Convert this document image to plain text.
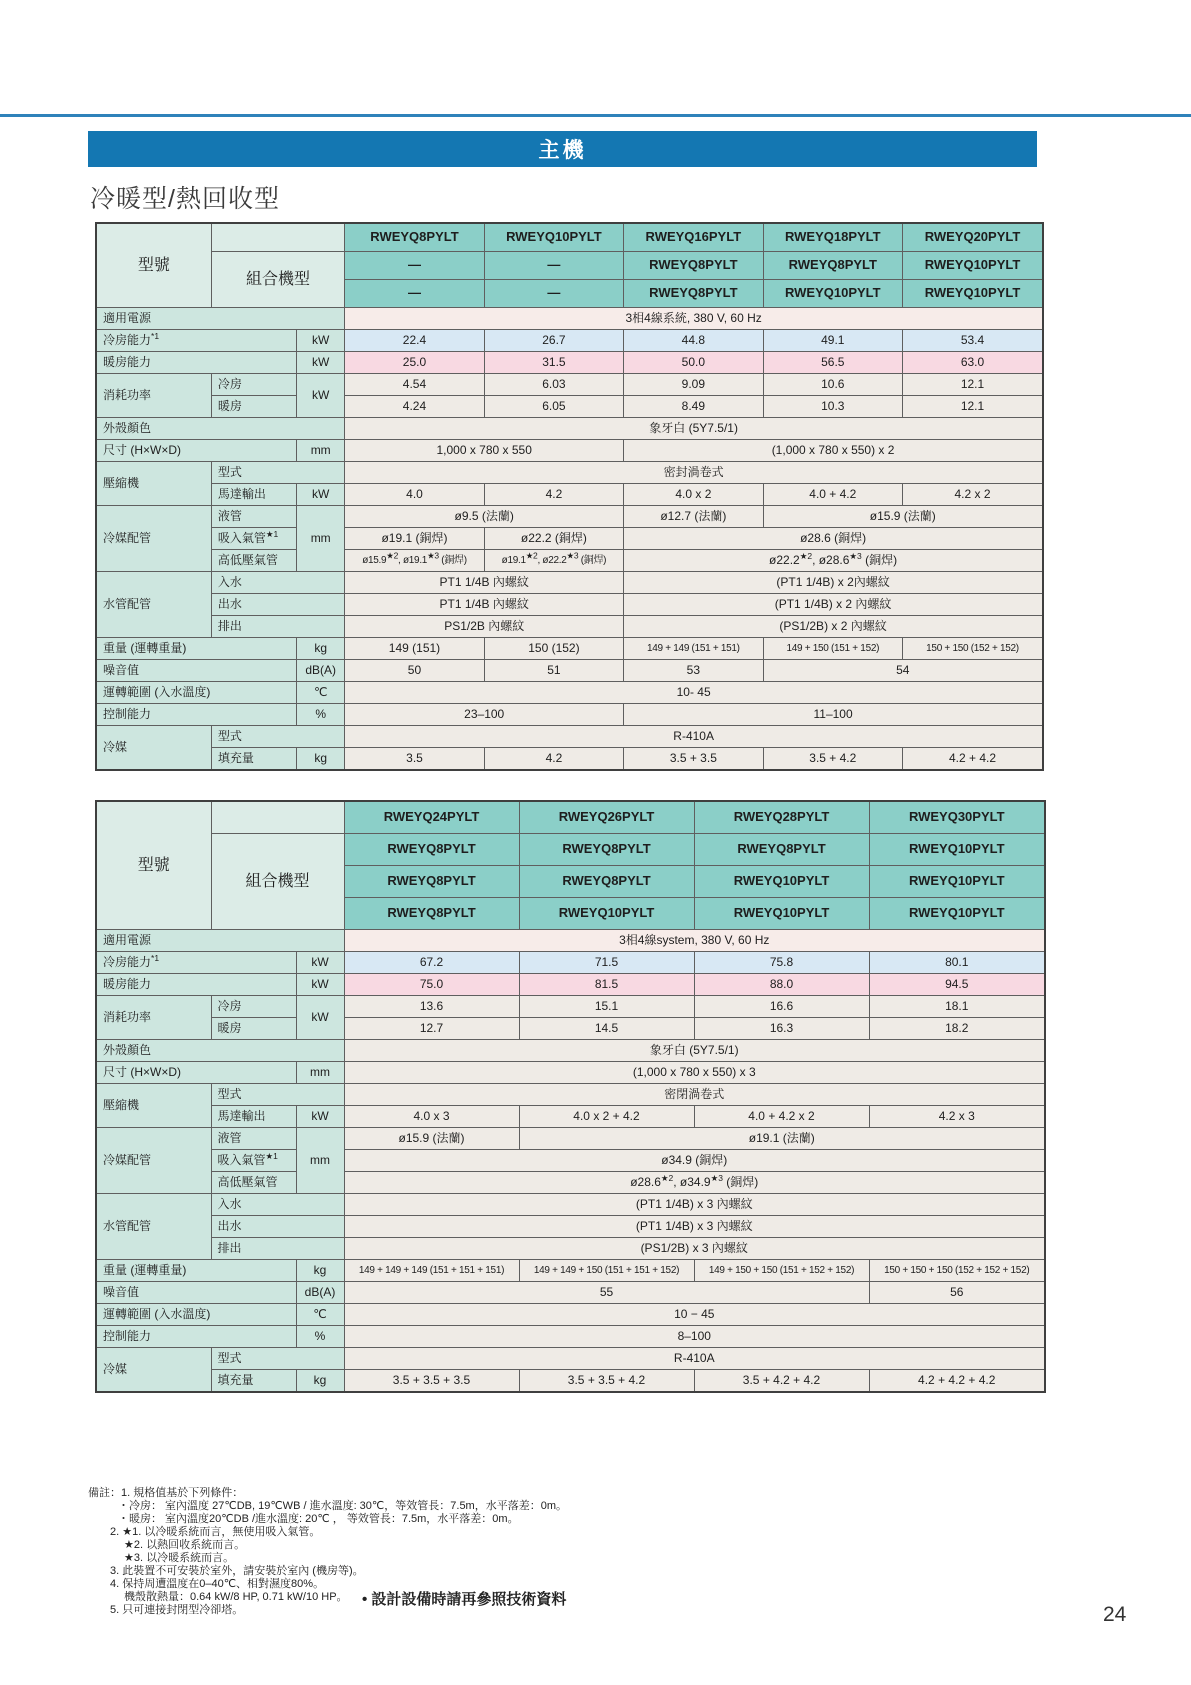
主機
冷暖型/熱回收型
型號			RWEYQ8PYLT	RWEYQ10PYLT	RWEYQ16PYLT	RWEYQ18PYLT	RWEYQ20PYLT
	組合機型		—	—	RWEYQ8PYLT	RWEYQ8PYLT	RWEYQ10PYLT
			—	—	RWEYQ8PYLT	RWEYQ10PYLT	RWEYQ10PYLT
適用電源			3相4線系統, 380 V, 60 Hz				
冷房能力$^{*1}$		kW	22.4	26.7	44.8	49.1	53.4
暖房能力		kW	25.0	31.5	50.0	56.5	63.0
消耗功率	冷房	kW	4.54	6.03	9.09	10.6	12.1
	暖房		4.24	6.05	8.49	10.3	12.1
外殼顏色			象牙白 (5Y7.5/1)				
尺寸 (H×W×D)		mm	1,000 x 780 x 550		(1,000 x 780 x 550) x 2		
壓縮機	型式		密封渦卷式				
	馬達輸出	kW	4.0	4.2	4.0 x 2	4.0 + 4.2	4.2 x 2
冷媒配管	液管	mm	ø9.5 (法蘭)		ø12.7 (法蘭)	ø15.9 (法蘭)	
	吸入氣管$^{★1}$		ø19.1 (銅焊)	ø22.2 (銅焊)	ø28.6 (銅焊)		
	高低壓氣管		$ø15.9^{★2}$, $ø19.1^{★3}$ (銅焊)	$ø19.1^{★2}$, $ø22.2^{★3}$ (銅焊)	$ø22.2^{★2}$, $ø28.6^{★3}$ (銅焊)		
水管配管	入水		PT1 1/4B 內螺紋		(PT1 1/4B) x 2內螺紋		
	出水		PT1 1/4B 內螺紋		(PT1 1/4B) x 2 內螺紋		
	排出		PS1/2B 內螺紋		(PS1/2B) x 2 內螺紋		
重量 (運轉重量)		kg	149 (151)	150 (152)	149 + 149 (151 + 151)	149 + 150 (151 + 152)	150 + 150 (152 + 152)
噪音值		dB(A)	50	51	53	54	
運轉範圍 (入水溫度)		℃	10- 45				
控制能力		%	23–100		11–100		
冷媒	型式		R-410A				
	填充量	kg	3.5	4.2	3.5 + 3.5	3.5 + 4.2	4.2 + 4.2
型號			RWEYQ24PYLT	RWEYQ26PYLT	RWEYQ28PYLT	RWEYQ30PYLT
	組合機型		RWEYQ8PYLT	RWEYQ8PYLT	RWEYQ8PYLT	RWEYQ10PYLT
			RWEYQ8PYLT	RWEYQ8PYLT	RWEYQ10PYLT	RWEYQ10PYLT
			RWEYQ8PYLT	RWEYQ10PYLT	RWEYQ10PYLT	RWEYQ10PYLT
適用電源			3相4線system, 380 V, 60 Hz			
冷房能力$^{*1}$		kW	67.2	71.5	75.8	80.1
暖房能力		kW	75.0	81.5	88.0	94.5
消耗功率	冷房	kW	13.6	15.1	16.6	18.1
	暖房		12.7	14.5	16.3	18.2
外殼顏色			象牙白 (5Y7.5/1)			
尺寸 (H×W×D)		mm	(1,000 x 780 x 550) x 3			
壓縮機	型式		密閉渦卷式			
	馬達輸出	kW	4.0 x 3	4.0 x 2 + 4.2	4.0 + 4.2 x 2	4.2 x 3
冷媒配管	液管	mm	ø15.9 (法蘭)	ø19.1 (法蘭)		
	吸入氣管$^{★1}$		ø34.9 (銅焊)			
	高低壓氣管		$ø28.6^{★2}$, $ø34.9^{★3}$ (銅焊)			
水管配管	入水		(PT1 1/4B) x 3 內螺紋			
	出水		(PT1 1/4B) x 3 內螺紋			
	排出		(PS1/2B) x 3 內螺紋			
重量 (運轉重量)		kg	149 + 149 + 149 (151 + 151 + 151)	149 + 149 + 150 (151 + 151 + 152)	149 + 150 + 150 (151 + 152 + 152)	150 + 150 + 150 (152 + 152 + 152)
噪音值		dB(A)	55			56
運轉範圍 (入水溫度)		℃	10 − 45			
控制能力		%	8–100			
冷媒	型式		R-410A			
	填充量	kg	3.5 + 3.5 + 3.5	3.5 + 3.5 + 4.2	3.5 + 4.2 + 4.2	4.2 + 4.2 + 4.2
備註：1. 規格值基於下列條件：
・冷房： 室內溫度 27℃DB, 19℃WB / 進水溫度: 30℃，等效管長：7.5m，水平落差：0m。
・暖房： 室內溫度20℃DB /進水溫度: 20℃ ， 等效管長：7.5m，水平落差：0m。
2. ★1. 以冷暖系統而言，無使用吸入氣管。
★2. 以熱回收系統而言。
★3. 以冷暖系統而言。
3. 此裝置不可安裝於室外，請安裝於室內 (機房等)。
4. 保持周遭溫度在0–40℃、相對濕度80%。
機殼散熱量：0.64 kW/8 HP, 0.71 kW/10 HP。
5. 只可連接封閉型冷卻塔。
• 設計設備時請再參照技術資料
24
